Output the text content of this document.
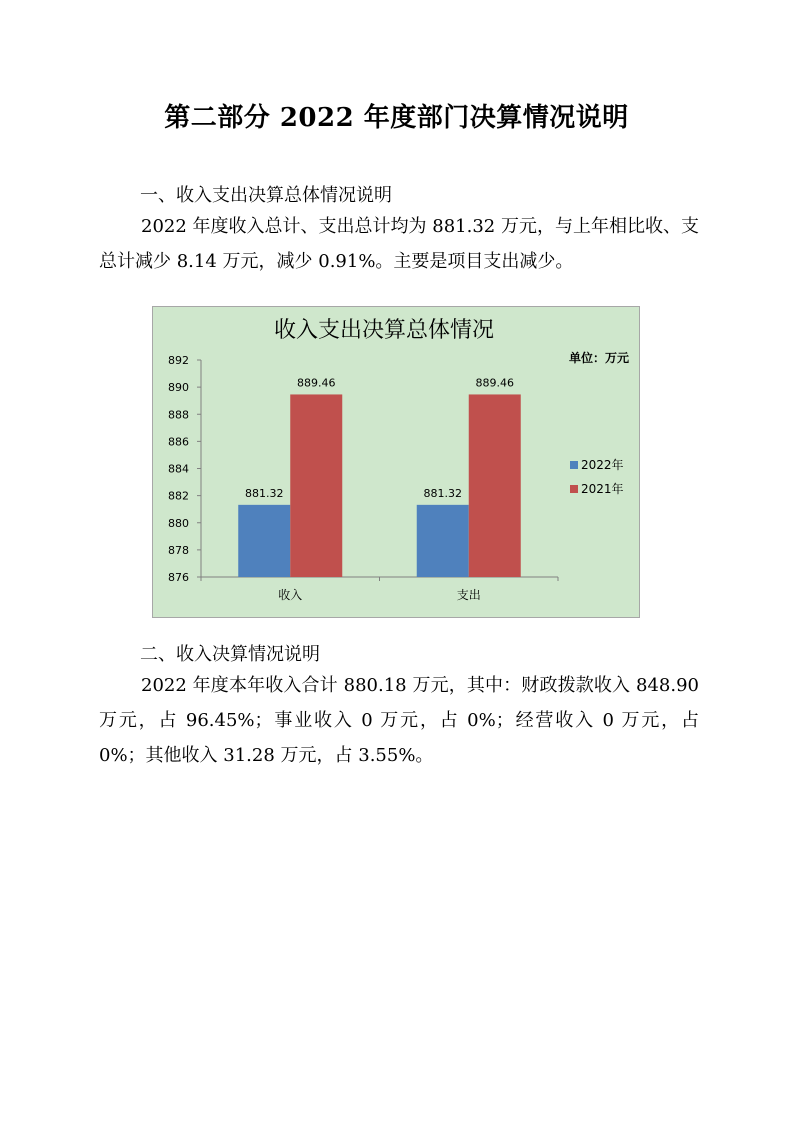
第二部分 2022 年度部门决算情况说明
一、收入支出决算总体情况说明

2022 年度收入总计、支出总计均为 881.32 万元，与上年相比收、支总计减少 8.14 万元，减少 0.91%。主要是项目支出减少。

收入支出决算总体情况
单位：万元
876
878
880
882
884
886
888
890
892
881.32
889.46
881.32
889.46
收入	支出
2022年
2021年
二、收入决算情况说明

2022 年度本年收入合计 880.18 万元，其中：财政拨款收入 848.90 万元，占 96.45%；事业收入 0 万元，占 0%；经营收入 0 万元，占 0%；其他收入 31.28 万元，占 3.55%。
